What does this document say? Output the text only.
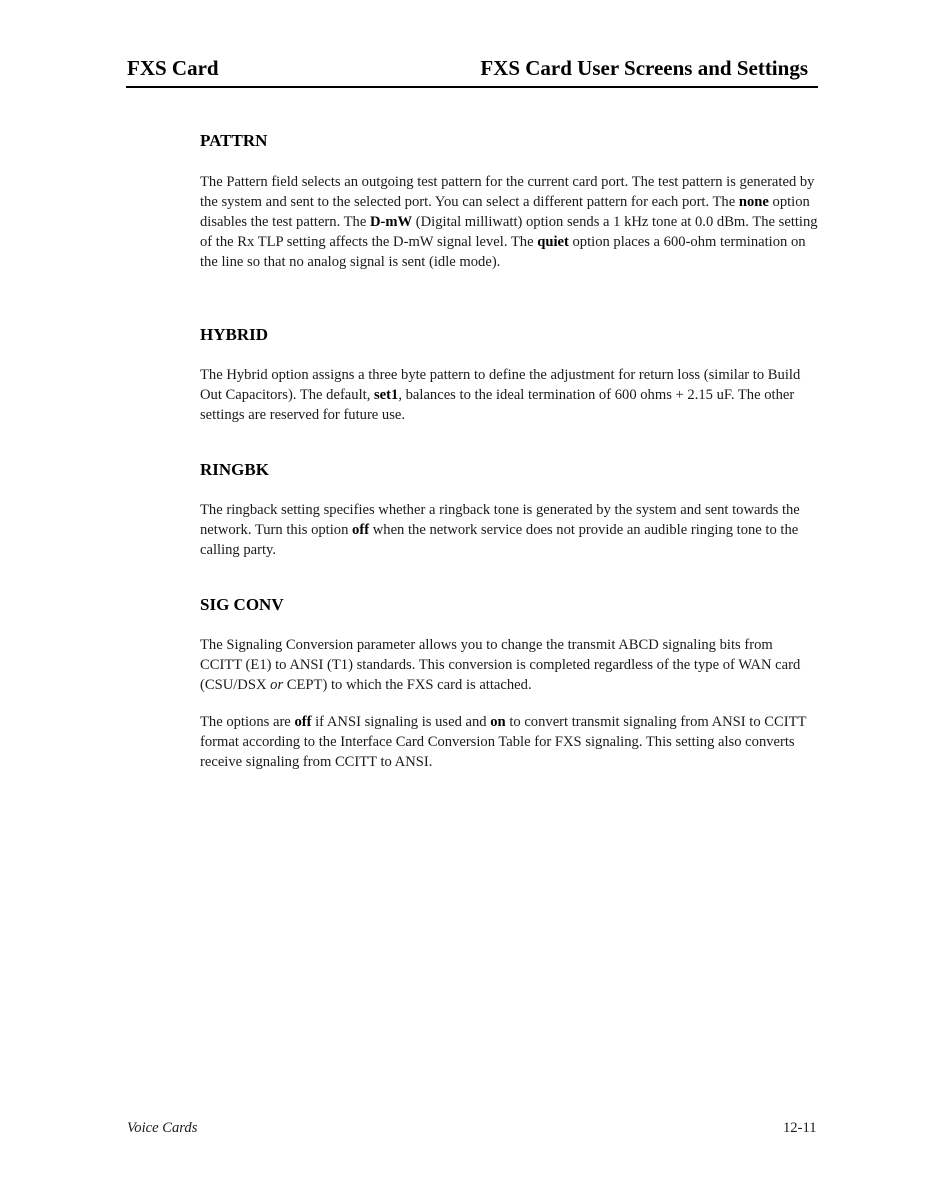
FXS Card	FXS Card User Screens and Settings
PATTRN

The Pattern field selects an outgoing test pattern for the current card port. The test pattern is generated by the system and sent to the selected port. You can select a different pattern for each port. The none option disables the test pattern. The D-mW (Digital milliwatt) option sends a 1 kHz tone at 0.0 dBm. The setting of the Rx TLP setting affects the D-mW signal level. The quiet option places a 600-ohm termination on the line so that no analog signal is sent (idle mode).

HYBRID

The Hybrid option assigns a three byte pattern to define the adjustment for return loss (similar to Build Out Capacitors). The default, set1, balances to the ideal termination of 600 ohms + 2.15 uF. The other settings are reserved for future use.

RINGBK

The ringback setting specifies whether a ringback tone is generated by the system and sent towards the network. Turn this option off when the network service does not provide an audible ringing tone to the calling party.

SIG CONV

The Signaling Conversion parameter allows you to change the transmit ABCD signaling bits from CCITT (E1) to ANSI (T1) standards. This conversion is completed regardless of the type of WAN card (CSU/DSX or CEPT) to which the FXS card is attached.

The options are off if ANSI signaling is used and on to convert transmit signaling from ANSI to CCITT format according to the Interface Card Conversion Table for FXS signaling. This setting also converts receive signaling from CCITT to ANSI.

Voice Cards	12-11
